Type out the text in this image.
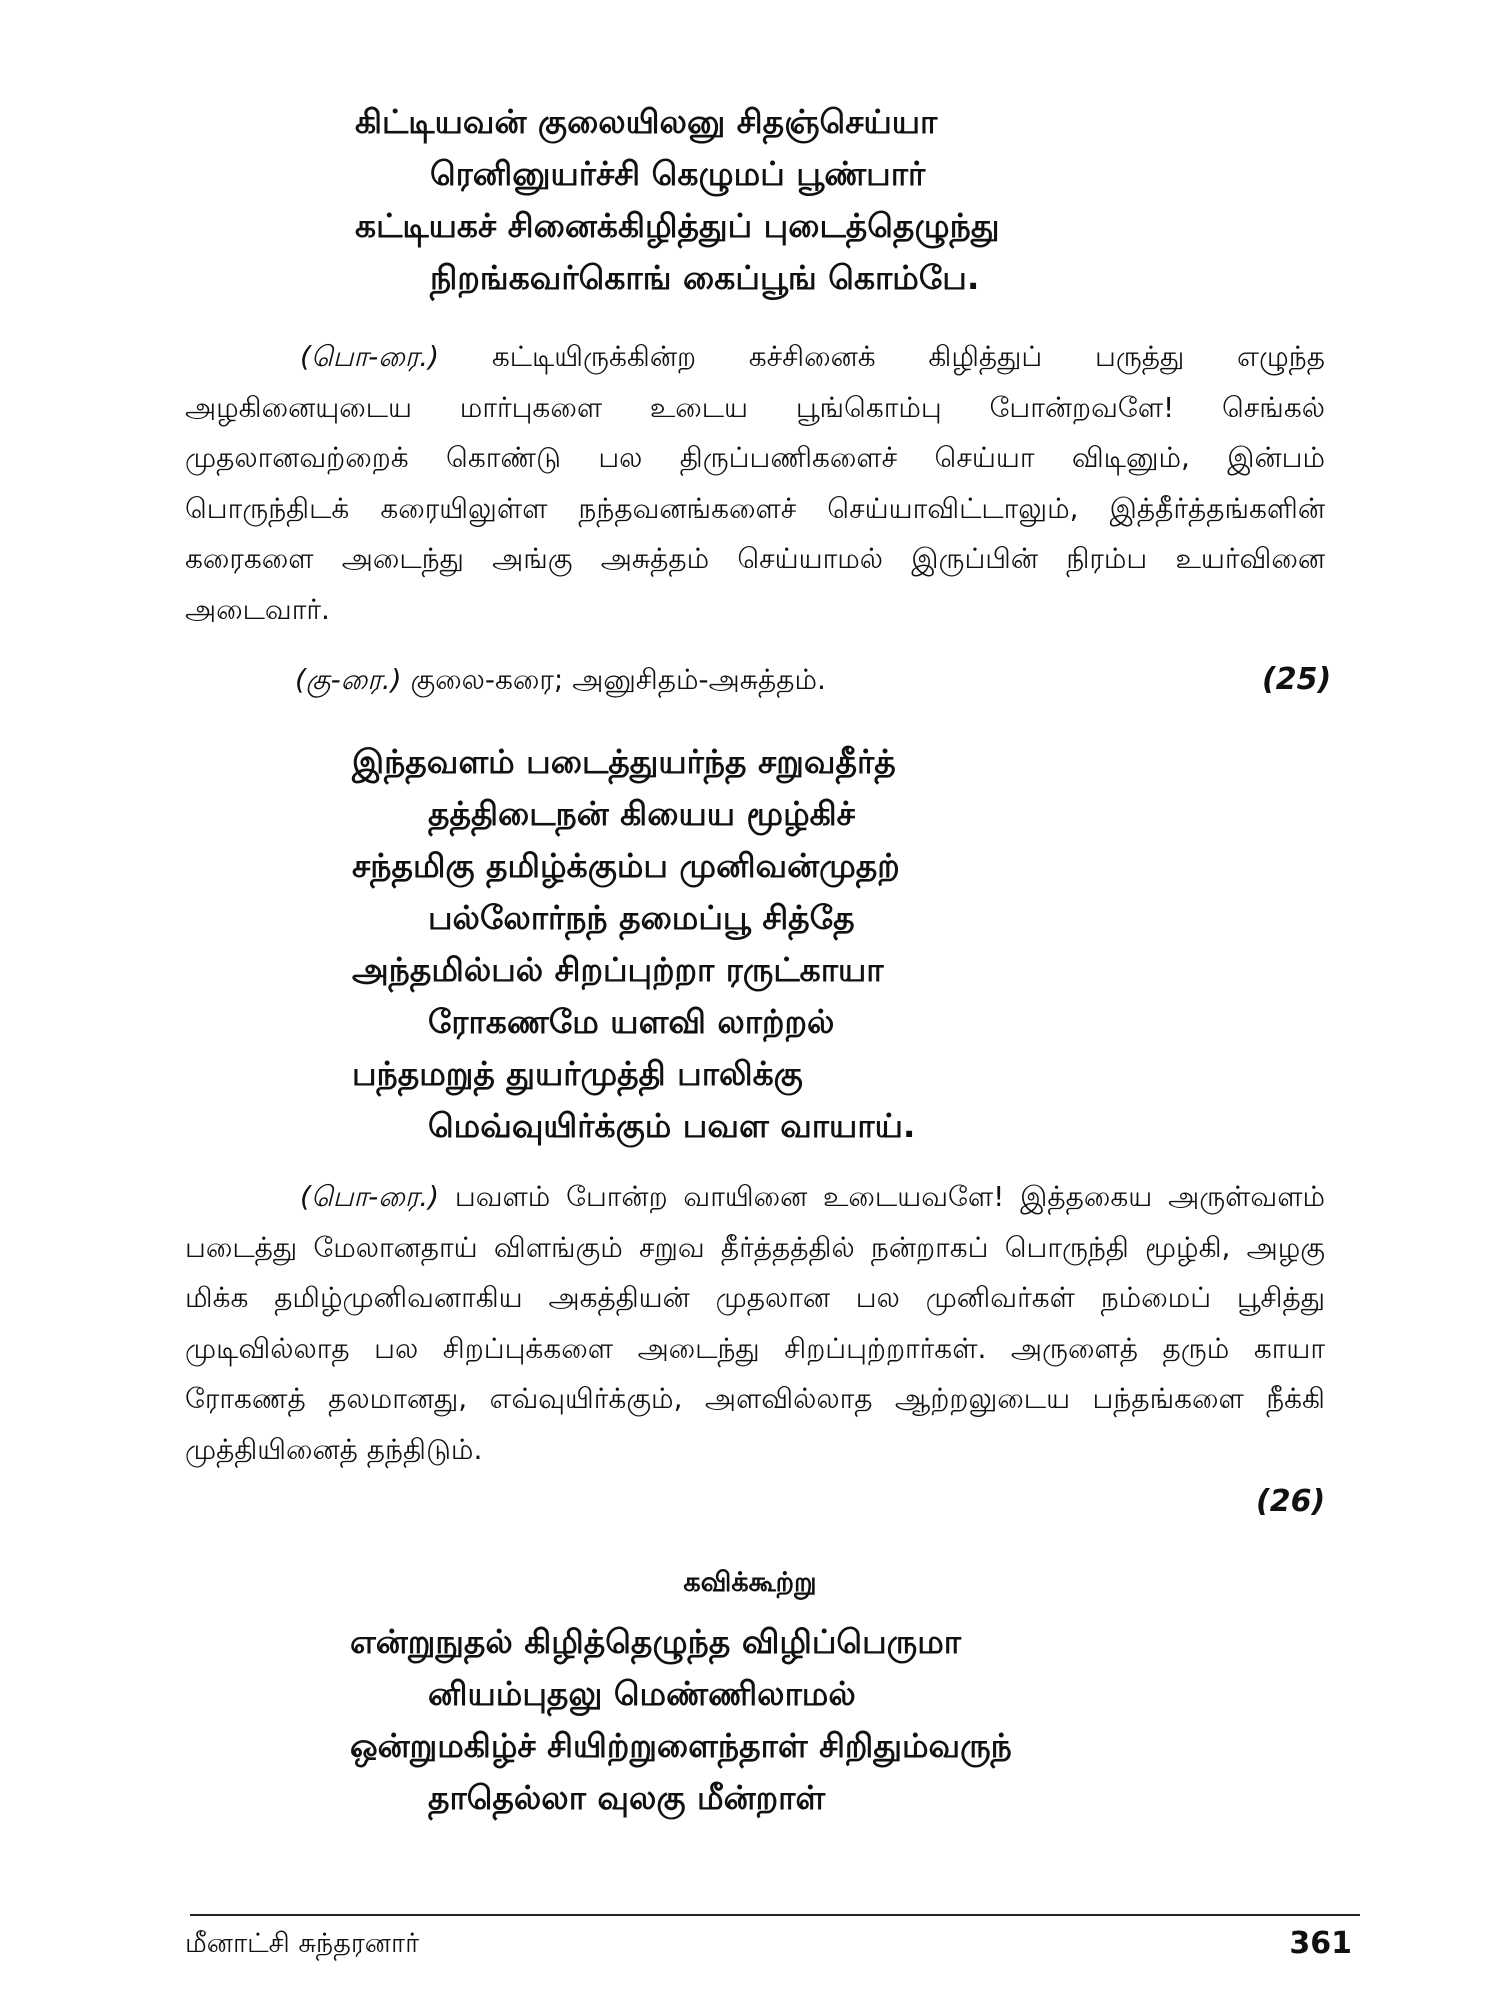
கிட்டியவன் குலையிலனு சிதஞ்செய்யா
ரெனினுயர்ச்சி கெழுமப் பூண்பார்
கட்டியகச் சினைக்கிழித்துப் புடைத்தெழுந்து
நிறங்கவர்கொங் கைப்பூங் கொம்பே.

(பொ-ரை.) கட்டியிருக்கின்ற கச்சினைக் கிழித்துப் பருத்து எழுந்த அழகினையுடைய மார்புகளை உடைய பூங்கொம்பு போன்றவளே! செங்கல் முதலானவற்றைக் கொண்டு பல திருப்பணிகளைச் செய்யா விடினும், இன்பம் பொருந்திடக் கரையிலுள்ள நந்தவனங்களைச் செய்யாவிட்டாலும், இத்தீர்த்தங்களின் கரைகளை அடைந்து அங்கு அசுத்தம் செய்யாமல் இருப்பின் நிரம்ப உயர்வினை அடைவார்.

(கு-ரை.) குலை-கரை; அனுசிதம்-அசுத்தம்.	(25)
இந்தவளம் படைத்துயர்ந்த சறுவதீர்த்
தத்திடைநன் கியைய மூழ்கிச்
சந்தமிகு தமிழ்க்கும்ப முனிவன்முதற்
பல்லோர்நந் தமைப்பூ சித்தே
அந்தமில்பல் சிறப்புற்றா ரருட்காயா
ரோகணமே யளவி லாற்றல்
பந்தமறுத் துயர்முத்தி பாலிக்கு
மெவ்வுயிர்க்கும் பவள வாயாய்.

(பொ-ரை.) பவளம் போன்ற வாயினை உடையவளே! இத்தகைய அருள்வளம் படைத்து மேலானதாய் விளங்கும் சறுவ தீர்த்தத்தில் நன்றாகப் பொருந்தி மூழ்கி, அழகு மிக்க தமிழ்முனிவனாகிய அகத்தியன் முதலான பல முனிவர்கள் நம்மைப் பூசித்து முடிவில்லாத பல சிறப்புக்களை அடைந்து சிறப்புற்றார்கள். அருளைத் தரும் காயா ரோகணத் தலமானது, எவ்வுயிர்க்கும், அளவில்லாத ஆற்றலுடைய பந்தங்களை நீக்கி முத்தியினைத் தந்திடும்.

(26)
கவிக்கூற்று
என்றுநுதல் கிழித்தெழுந்த விழிப்பெருமா
னியம்புதலு மெண்ணிலாமல்
ஒன்றுமகிழ்ச் சியிற்றுளைந்தாள் சிறிதும்வருந்
தாதெல்லா வுலகு மீன்றாள்
மீனாட்சி சுந்தரனார்	361
